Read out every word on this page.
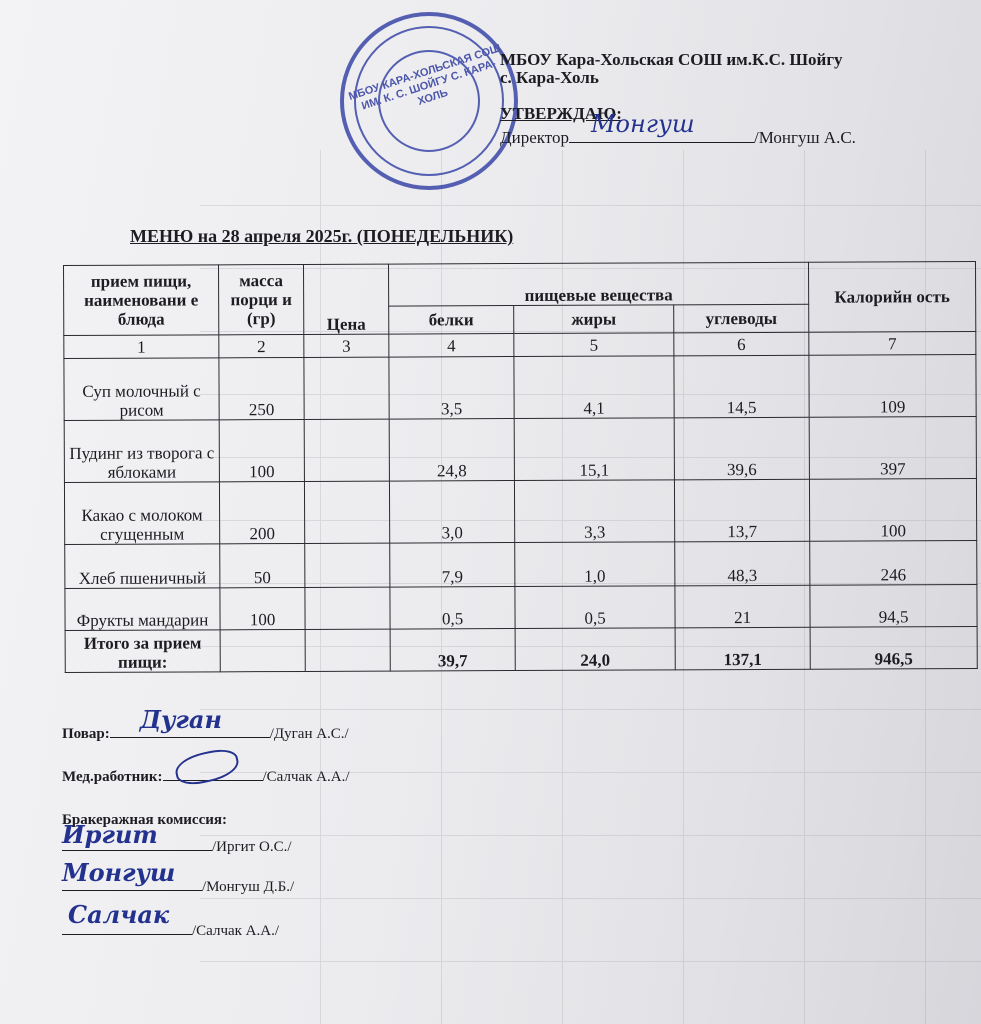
МБОУ КАРА-ХОЛЬСКАЯ СОШ ИМ. К. С. ШОЙГУ С. КАРА-ХОЛЬ
МБОУ Кара-Хольская СОШ им.К.С. Шойгу
с. Кара-Холь
УТВЕРЖДАЮ:
Директор Монгуш	/Монгуш А.С.
МЕНЮ на 28 апреля 2025г. (ПОНЕДЕЛЬНИК)
прием пищи, наименовани е блюда	масса порци и (гр)	Цена	пищевые вещества			Калорийн ость
			белки	жиры	углеводы	
1	2	3	4	5	6	7
Суп молочный с рисом	250		3,5	4,1	14,5	109
Пудинг из творога с яблоками	100		24,8	15,1	39,6	397
Какао с молоком сгущенным	200		3,0	3,3	13,7	100
Хлеб пшеничный	50		7,9	1,0	48,3	246
Фрукты мандарин	100		0,5	0,5	21	94,5
Итого за прием пищи:			39,7	24,0	137,1	946,5
Повар: Дуган	/Дуган А.С./
Мед.работник:	/Салчак А.А./
Бракеражная комиссия:
Иргит	/Иргит О.С./
Монгуш /Монгуш Д.Б./
Салчак
/Салчак А.А./
